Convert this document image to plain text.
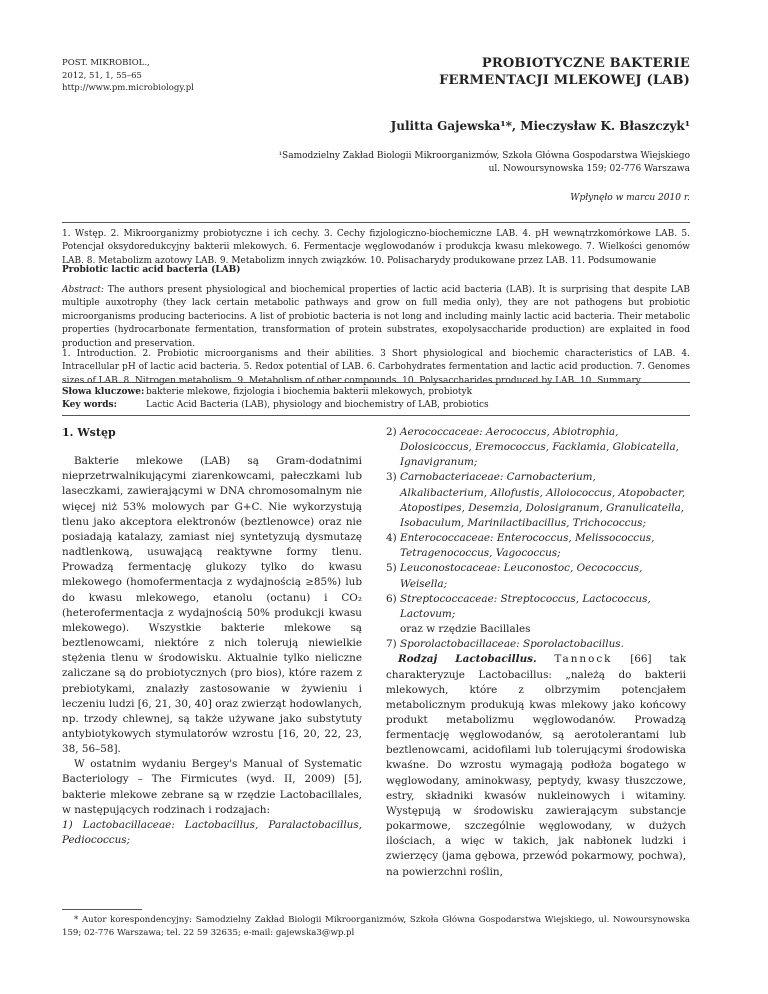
POST. MIKROBIOL.,
2012, 51, 1, 55–65
http://www.pm.microbiology.pl
PROBIOTYCZNE BAKTERIE
FERMENTACJI MLEKOWEJ (LAB)
Julitta Gajewska¹*, Mieczysław K. Błaszczyk¹
¹Samodzielny Zakład Biologii Mikroorganizmów, Szkoła Główna Gospodarstwa Wiejskiego
ul. Nowoursynowska 159; 02-776 Warszawa
Wpłynęło w marcu 2010 r.
1. Wstęp. 2. Mikroorganizmy probiotyczne i ich cechy. 3. Cechy fizjologiczno-biochemiczne LAB. 4. pH wewnątrzkomórkowe LAB. 5. Potencjał oksydoredukcyjny bakterii mlekowych. 6. Fermentacje węglowodanów i produkcja kwasu mlekowego. 7. Wielkości genomów LAB. 8. Metabolizm azotowy LAB. 9. Metabolizm innych związków. 10. Polisacharydy produkowane przez LAB. 11. Podsumowanie
Probiotic lactic acid bacteria (LAB)
Abstract: The authors present physiological and biochemical properties of lactic acid bacteria (LAB). It is surprising that despite LAB multiple auxotrophy (they lack certain metabolic pathways and grow on full media only), they are not pathogens but probiotic microorganisms producing bacteriocins. A list of probiotic bacteria is not long and including mainly lactic acid bacteria. Their metabolic properties (hydrocarbonate fermentation, transformation of protein substrates, exopolysaccharide production) are explaited in food production and preservation.
1. Introduction. 2. Probiotic microorganisms and their abilities. 3 Short physiological and biochemic characteristics of LAB. 4. Intracellular pH of lactic acid bacteria. 5. Redox potential of LAB. 6. Carbohydrates fermentation and lactic acid production. 7. Genomes sizes of LAB. 8. Nitrogen metabolism. 9. Metabolism of other compounds. 10. Polysaccharides produced by LAB. 10. Summary
Słowa kluczowe: bakterie mlekowe, fizjologia i biochemia bakterii mlekowych, probiotyk
Key words:	Lactic Acid Bacteria (LAB), physiology and biochemistry of LAB, probiotics
1. Wstęp

Bakterie mlekowe (LAB) są Gram-dodatnimi nieprzetrwalnikującymi ziarenkowcami, pałeczkami lub laseczkami, zawierającymi w DNA chromosomalnym nie więcej niż 53% molowych par G+C. Nie wykorzystują tlenu jako akceptora elektronów (beztlenowce) oraz nie posiadają katalazy, zamiast niej syntetyzują dysmutazę nadtlenkową, usuwającą reaktywne formy tlenu. Prowadzą fermentację glukozy tylko do kwasu mlekowego (homofermentacja z wydajnością ≥85%) lub do kwasu mlekowego, etanolu (octanu) i CO₂ (heterofermentacja z wydajnością 50% produkcji kwasu mlekowego). Wszystkie bakterie mlekowe są beztlenowcami, niektóre z nich tolerują niewielkie stężenia tlenu w środowisku. Aktualnie tylko nieliczne zaliczane są do probiotycznych (pro bios), które razem z prebiotykami, znalazły zastosowanie w żywieniu i leczeniu ludzi [6, 21, 30, 40] oraz zwierząt hodowlanych, np. trzody chlewnej, są także używane jako substytuty antybiotykowych stymulatorów wzrostu [16, 20, 22, 23, 38, 56–58].

W ostatnim wydaniu Bergey's Manual of Systematic Bacteriology – The Firmicutes (wyd. II, 2009) [5], bakterie mlekowe zebrane są w rzędzie Lactobacillales, w następujących rodzinach i rodzajach:

1) Lactobacillaceae: Lactobacillus, Paralactobacillus, Pediococcus;

2) Aerococcaceae: Aerococcus, Abiotrophia, Dolosicoccus, Eremococcus, Facklamia, Globicatella, Ignavigranum;
3) Carnobacteriaceae: Carnobacterium, Alkalibacterium, Allofustis, Alloiococcus, Atopobacter, Atopostipes, Desemzia, Dolosigranum, Granulicatella, Isobaculum, Marinilactibacillus, Trichococcus;
4) Enterococcaceae: Enterococcus, Melissococcus, Tetragenococcus, Vagococcus;
5) Leuconostocaceae: Leuconostoc, Oecococcus, Weisella;
6) Streptococcaceae: Streptococcus, Lactococcus, Lactovum;
oraz w rzędzie Bacillales
7) Sporolactobacillaceae: Sporolactobacillus.

Rodzaj Lactobacillus. Tannock [66] tak charakteryzuje Lactobacillus: „należą do bakterii mlekowych, które z olbrzymim potencjałem metabolicznym produkują kwas mlekowy jako końcowy produkt metabolizmu węglowodanów. Prowadzą fermentację węglowodanów, są aerotolerantami lub beztlenowcami, acidofilami lub tolerującymi środowiska kwaśne. Do wzrostu wymagają podłoża bogatego w węglowodany, aminokwasy, peptydy, kwasy tłuszczowe, estry, składniki kwasów nukleinowych i witaminy. Występują w środowisku zawierającym substancje pokarmowe, szczególnie węglowodany, w dużych ilościach, a więc w takich, jak nabłonek ludzki i zwierzęcy (jama gębowa, przewód pokarmowy, pochwa), na powierzchni roślin,

* Autor korespondencyjny: Samodzielny Zakład Biologii Mikroorganizmów, Szkoła Główna Gospodarstwa Wiejskiego, ul. Nowoursynowska 159; 02-776 Warszawa; tel. 22 59 32635; e-mail: gajewska3@wp.pl
